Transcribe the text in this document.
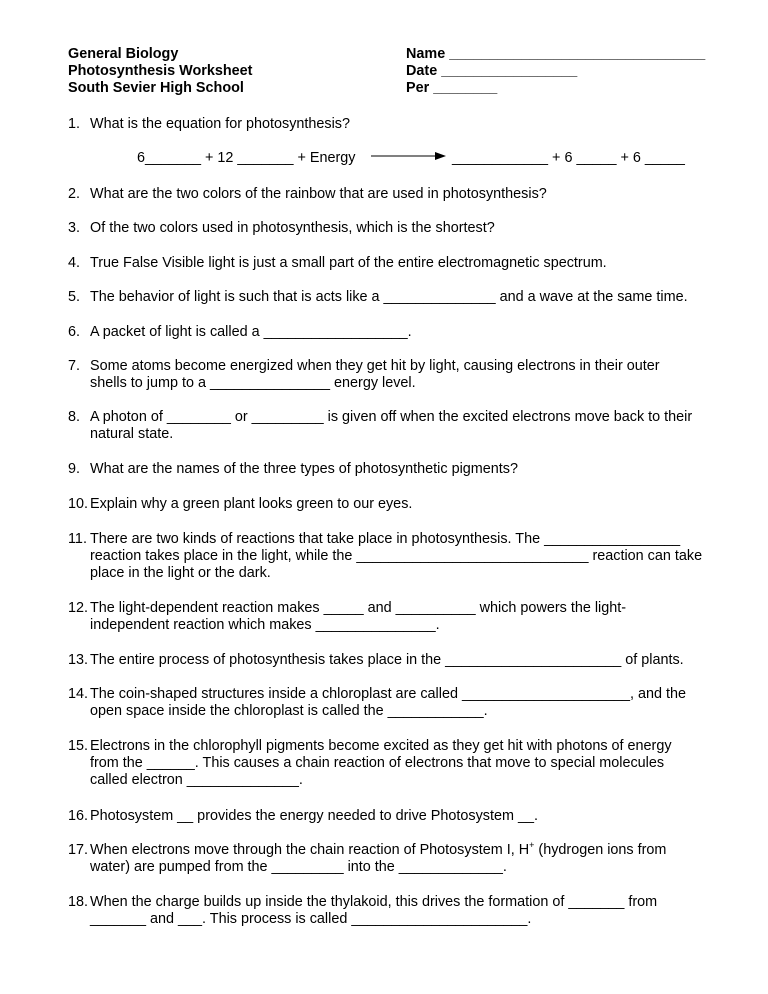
General Biology
Photosynthesis Worksheet
South Sevier High School
Name ________________________________
Date _________________
Per ________
6_______ + 12 _______ + Energy	____________ + 6 _____ + 6 _____
1. What is the equation for photosynthesis?
2. What are the two colors of the rainbow that are used in photosynthesis?
3. Of the two colors used in photosynthesis, which is the shortest?
4. True False Visible light is just a small part of the entire electromagnetic spectrum.
5. The behavior of light is such that is acts like a ______________ and a wave at the same time.
6. A packet of light is called a __________________.
7. Some atoms become energized when they get hit by light, causing electrons in their outer
shells to jump to a _______________ energy level.
8. A photon of ________ or _________ is given off when the excited electrons move back to their
natural state.
9. What are the names of the three types of photosynthetic pigments?
10. Explain why a green plant looks green to our eyes.
11. There are two kinds of reactions that take place in photosynthesis. The _________________
reaction takes place in the light, while the _____________________________ reaction can take
place in the light or the dark.
12. The light-dependent reaction makes _____ and __________ which powers the light-
independent reaction which makes _______________.
13. The entire process of photosynthesis takes place in the ______________________ of plants.
14. The coin-shaped structures inside a chloroplast are called _____________________, and the
open space inside the chloroplast is called the ____________.
15. Electrons in the chlorophyll pigments become excited as they get hit with photons of energy
from the ______. This causes a chain reaction of electrons that move to special molecules
called electron ______________.
16. Photosystem __ provides the energy needed to drive Photosystem __.
17. When electrons move through the chain reaction of Photosystem I, H+ (hydrogen ions from
water) are pumped from the _________ into the _____________.
18. When the charge builds up inside the thylakoid, this drives the formation of _______ from
_______ and ___. This process is called ______________________.
